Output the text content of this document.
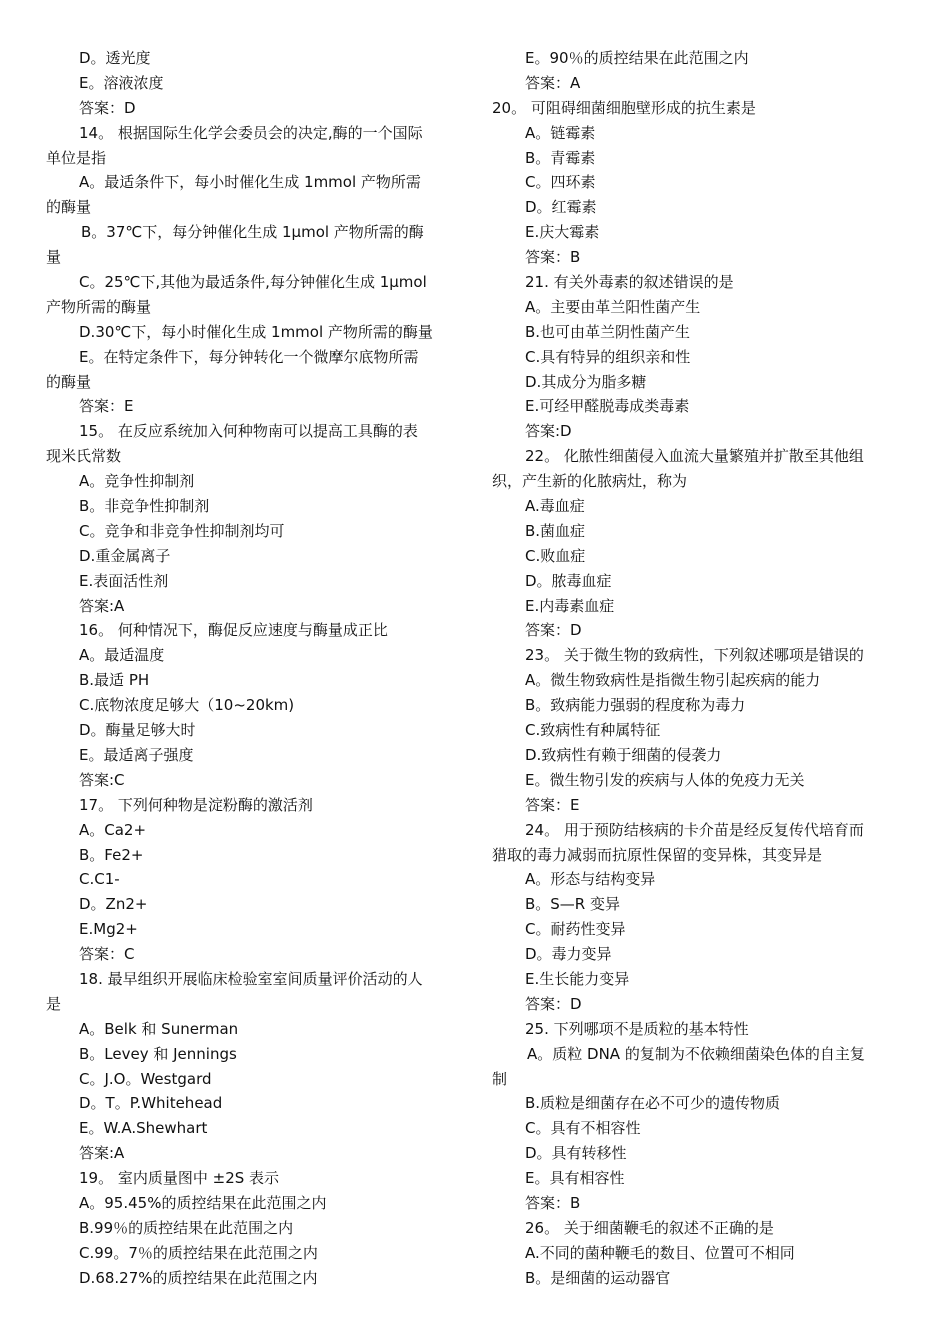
D。透光度
E。溶液浓度
答案：D
14。 根据国际生化学会委员会的决定,酶的一个国际
单位是指
A。最适条件下，每小时催化生成 1mmol 产物所需
的酶量
B。37℃下，每分钟催化生成 1μmol 产物所需的酶
量
C。25℃下,其他为最适条件,每分钟催化生成 1μmol
产物所需的酶量
D.30℃下，每小时催化生成 1mmol 产物所需的酶量
E。在特定条件下，每分钟转化一个微摩尔底物所需
的酶量
答案：E
15。 在反应系统加入何种物南可以提高工具酶的表
现米氏常数
A。竞争性抑制剂
B。非竞争性抑制剂
C。竞争和非竞争性抑制剂均可
D.重金属离子
E.表面活性剂
答案:A
16。 何种情况下，酶促反应速度与酶量成正比
A。最适温度
B.最适 PH
C.底物浓度足够大（10~20km)
D。酶量足够大时
E。最适离子强度
答案:C
17。 下列何种物是淀粉酶的激活剂
A。Ca2+
B。Fe2+
C.C1-
D。Zn2+
E.Mg2+
答案：C
18. 最早组织开展临床检验室室间质量评价活动的人
是
A。Belk 和 Sunerman
B。Levey 和 Jennings
C。J.O。Westgard
D。T。P.Whitehead
E。W.A.Shewhart
答案:A
19。 室内质量图中 ±2S 表示
A。95.45%的质控结果在此范围之内
B.99％的质控结果在此范围之内
C.99。7％的质控结果在此范围之内
D.68.27%的质控结果在此范围之内
E。90％的质控结果在此范围之内
答案：A
20。 可阻碍细菌细胞壁形成的抗生素是
A。链霉素
B。青霉素
C。四环素
D。红霉素
E.庆大霉素
答案：B
21. 有关外毒素的叙述错误的是
A。主要由革兰阳性菌产生
B.也可由革兰阴性菌产生
C.具有特异的组织亲和性
D.其成分为脂多糖
E.可经甲醛脱毒成类毒素
答案:D
22。 化脓性细菌侵入血流大量繁殖并扩散至其他组
织，产生新的化脓病灶，称为
A.毒血症
B.菌血症
C.败血症
D。脓毒血症
E.内毒素血症
答案：D
23。 关于微生物的致病性，下列叙述哪项是错误的
A。微生物致病性是指微生物引起疾病的能力
B。致病能力强弱的程度称为毒力
C.致病性有种属特征
D.致病性有赖于细菌的侵袭力
E。微生物引发的疾病与人体的免疫力无关
答案：E
24。 用于预防结核病的卡介苗是经反复传代培育而
猎取的毒力减弱而抗原性保留的变异株，其变异是
A。形态与结构变异
B。S—R 变异
C。耐药性变异
D。毒力变异
E.生长能力变异
答案：D
25. 下列哪项不是质粒的基本特性
A。质粒 DNA 的复制为不依赖细菌染色体的自主复
制
B.质粒是细菌存在必不可少的遗传物质
C。具有不相容性
D。具有转移性
E。具有相容性
答案：B
26。 关于细菌鞭毛的叙述不正确的是
A.不同的菌种鞭毛的数目、位置可不相同
B。是细菌的运动器官
